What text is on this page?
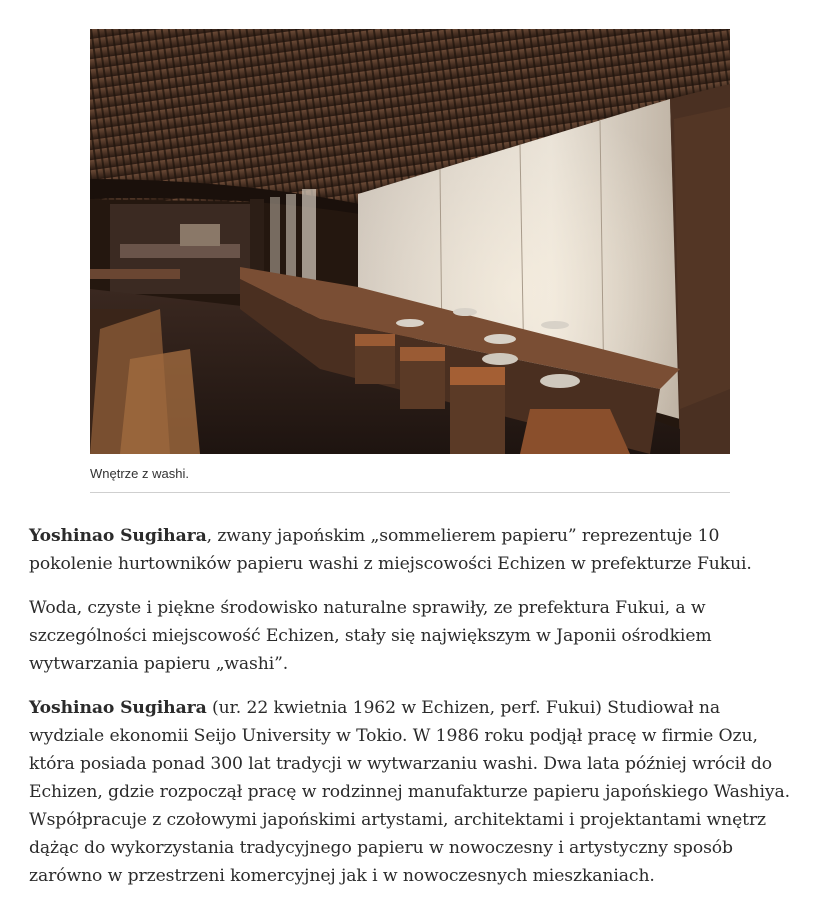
Wnętrze z washi.

Yoshinao Sugihara, zwany japońskim „sommelierem papieru” reprezentuje 10 pokolenie hurtowników papieru washi z miejscowości Echizen w prefekturze Fukui.

Woda, czyste i piękne środowisko naturalne sprawiły, ze prefektura Fukui, a w szczególności miejscowość Echizen, stały się największym w Japonii ośrodkiem wytwarzania papieru „washi”.

Yoshinao Sugihara (ur. 22 kwietnia 1962 w Echizen, perf. Fukui) Studiował na wydziale ekonomii Seijo University w Tokio. W 1986 roku podjął pracę w firmie Ozu, która posiada ponad 300 lat tradycji w wytwarzaniu washi. Dwa lata później wrócił do Echizen, gdzie rozpoczął pracę w rodzinnej manufakturze papieru japońskiego Washiya. Współpracuje z czołowymi japońskimi artystami, architektami i projektantami wnętrz dążąc do wykorzystania tradycyjnego papieru w nowoczesny i artystyczny sposób zarówno w przestrzeni komercyjnej jak i w nowoczesnych mieszkaniach.
